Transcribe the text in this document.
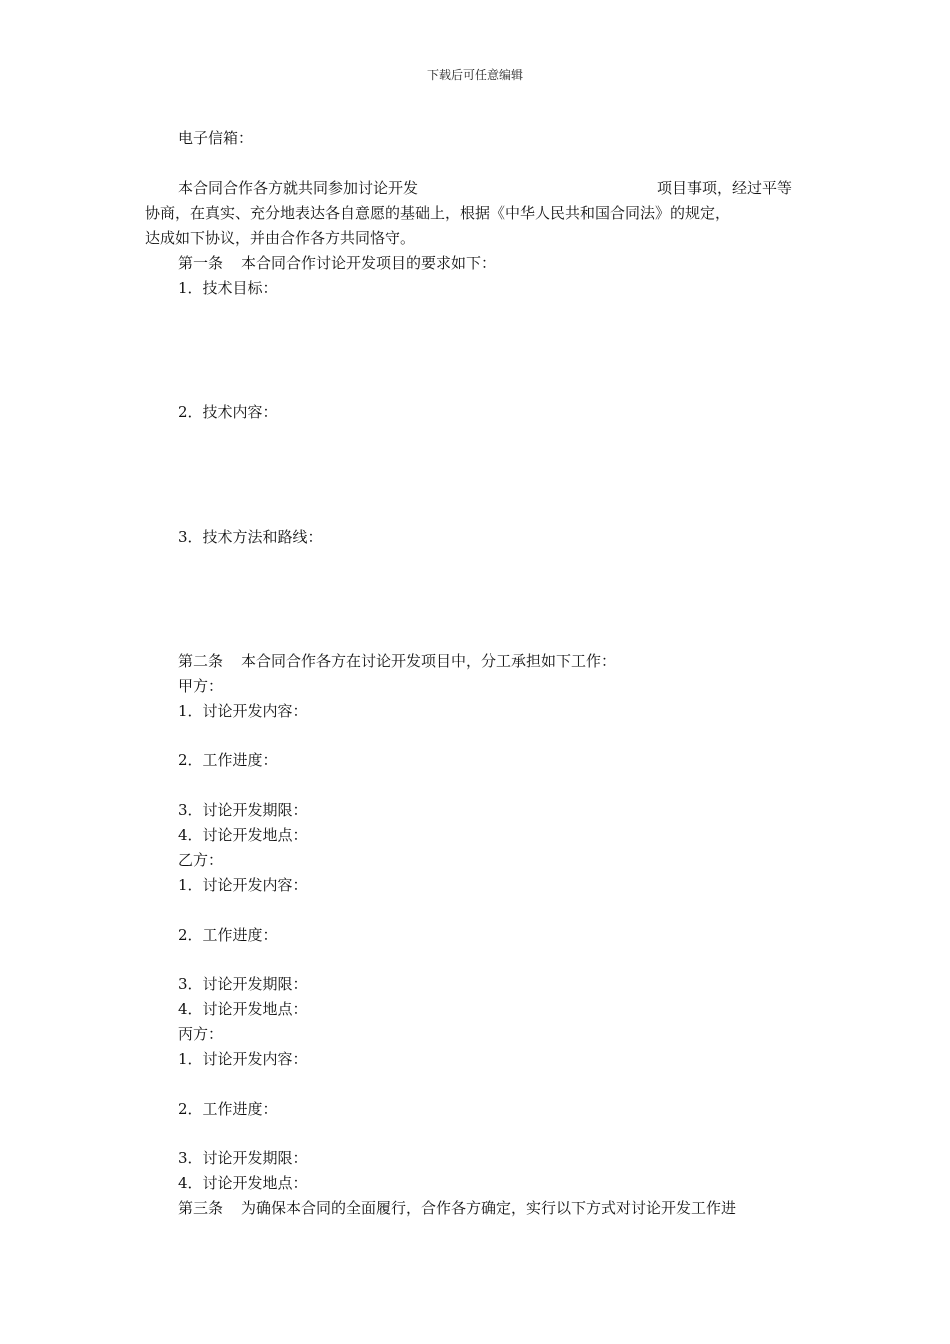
下载后可任意编辑
电子信箱：
本合同合作各方就共同参加讨论开发	项目事项，经过平等
协商，在真实、充分地表达各自意愿的基础上，根据《中华人民共和国合同法》的规定，
达成如下协议，并由合作各方共同恪守。
第一条 本合同合作讨论开发项目的要求如下：
1．技术目标：
2．技术内容：
3．技术方法和路线：
第二条 本合同合作各方在讨论开发项目中，分工承担如下工作：
甲方：
1．讨论开发内容：
2．工作进度：
3．讨论开发期限：
4．讨论开发地点：
乙方：
1．讨论开发内容：
2．工作进度：
3．讨论开发期限：
4．讨论开发地点：
丙方：
1．讨论开发内容：
2．工作进度：
3．讨论开发期限：
4．讨论开发地点：
第三条 为确保本合同的全面履行，合作各方确定，实行以下方式对讨论开发工作进
